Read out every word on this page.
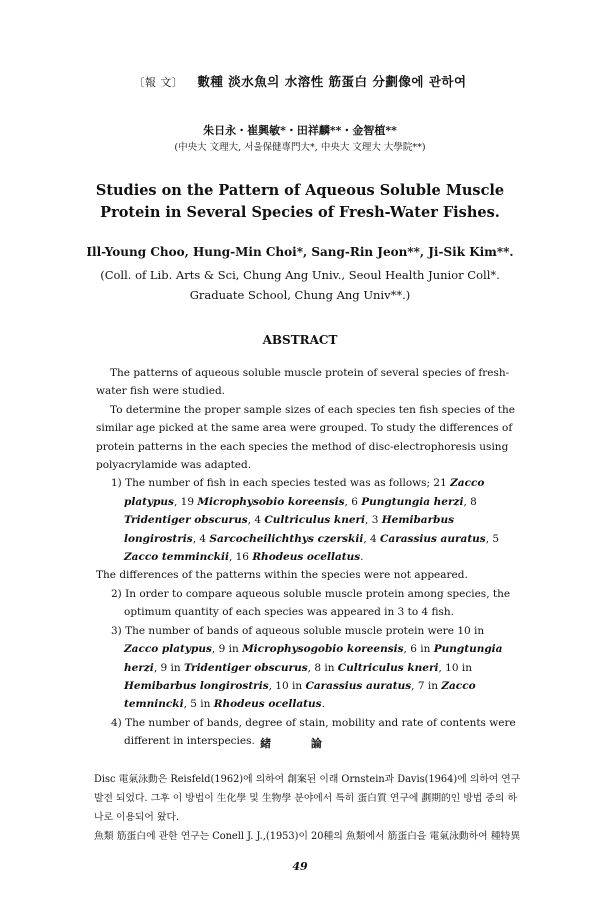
〔報 文〕 數種 淡水魚의 水溶性 筋蛋白 分劃像에 관하여
朱日永・崔興敏*・田祥麟**・金智植**
(中央大 文理大, 서울保健專門大*, 中央大 文理大 大學院**)
Studies on the Pattern of Aqueous Soluble Muscle
Protein in Several Species of Fresh-Water Fishes.
Ill-Young Choo, Hung-Min Choi*, Sang-Rin Jeon**, Ji-Sik Kim**.
(Coll. of Lib. Arts & Sci, Chung Ang Univ., Seoul Health Junior Coll*.
Graduate School, Chung Ang Univ**.)
ABSTRACT

The patterns of aqueous soluble muscle protein of several species of fresh-water fish were studied.

To determine the proper sample sizes of each species ten fish species of the similar age picked at the same area were grouped. To study the differences of protein patterns in the each species the method of disc-electrophoresis using polyacrylamide was adapted.

1) The number of fish in each species tested was as follows; 21 Zacco platypus, 19 Microphysobio koreensis, 6 Pungtungia herzi, 8 Tridentiger obscurus, 4 Cultriculus kneri, 3 Hemibarbus longirostris, 4 Sarcocheilichthys czerskii, 4 Carassius auratus, 5 Zacco temminckii, 16 Rhodeus ocellatus.

The differences of the patterns within the species were not appeared.

2) In order to compare aqueous soluble muscle protein among species, the optimum quantity of each species was appeared in 3 to 4 fish.
3) The number of bands of aqueous soluble muscle protein were 10 in Zacco platypus, 9 in Microphysogobio koreensis, 6 in Pungtungia herzi, 9 in Tridentiger obscurus, 8 in Cultriculus kneri, 10 in Hemibarbus longirostris, 10 in Carassius auratus, 7 in Zacco temnincki, 5 in Rhodeus ocellatus.
4) The number of bands, degree of stain, mobility and rate of contents were different in interspecies. 緒 論

Disc 電氣泳動은 Reisfeld(1962)에 의하여 創案된 이래 Ornstein과 Davis(1964)에 의하여 연구 발전 되었다. 그후 이 방법이 生化學 및 生物學 분야에서 특히 蛋白質 연구에 劃期的인 방법 중의 하나로 이용되어 왔다.

魚類 筋蛋白에 관한 연구는 Conell J. J.,(1953)이 20種의 魚類에서 筋蛋白을 電氣泳動하여 種特異

49
